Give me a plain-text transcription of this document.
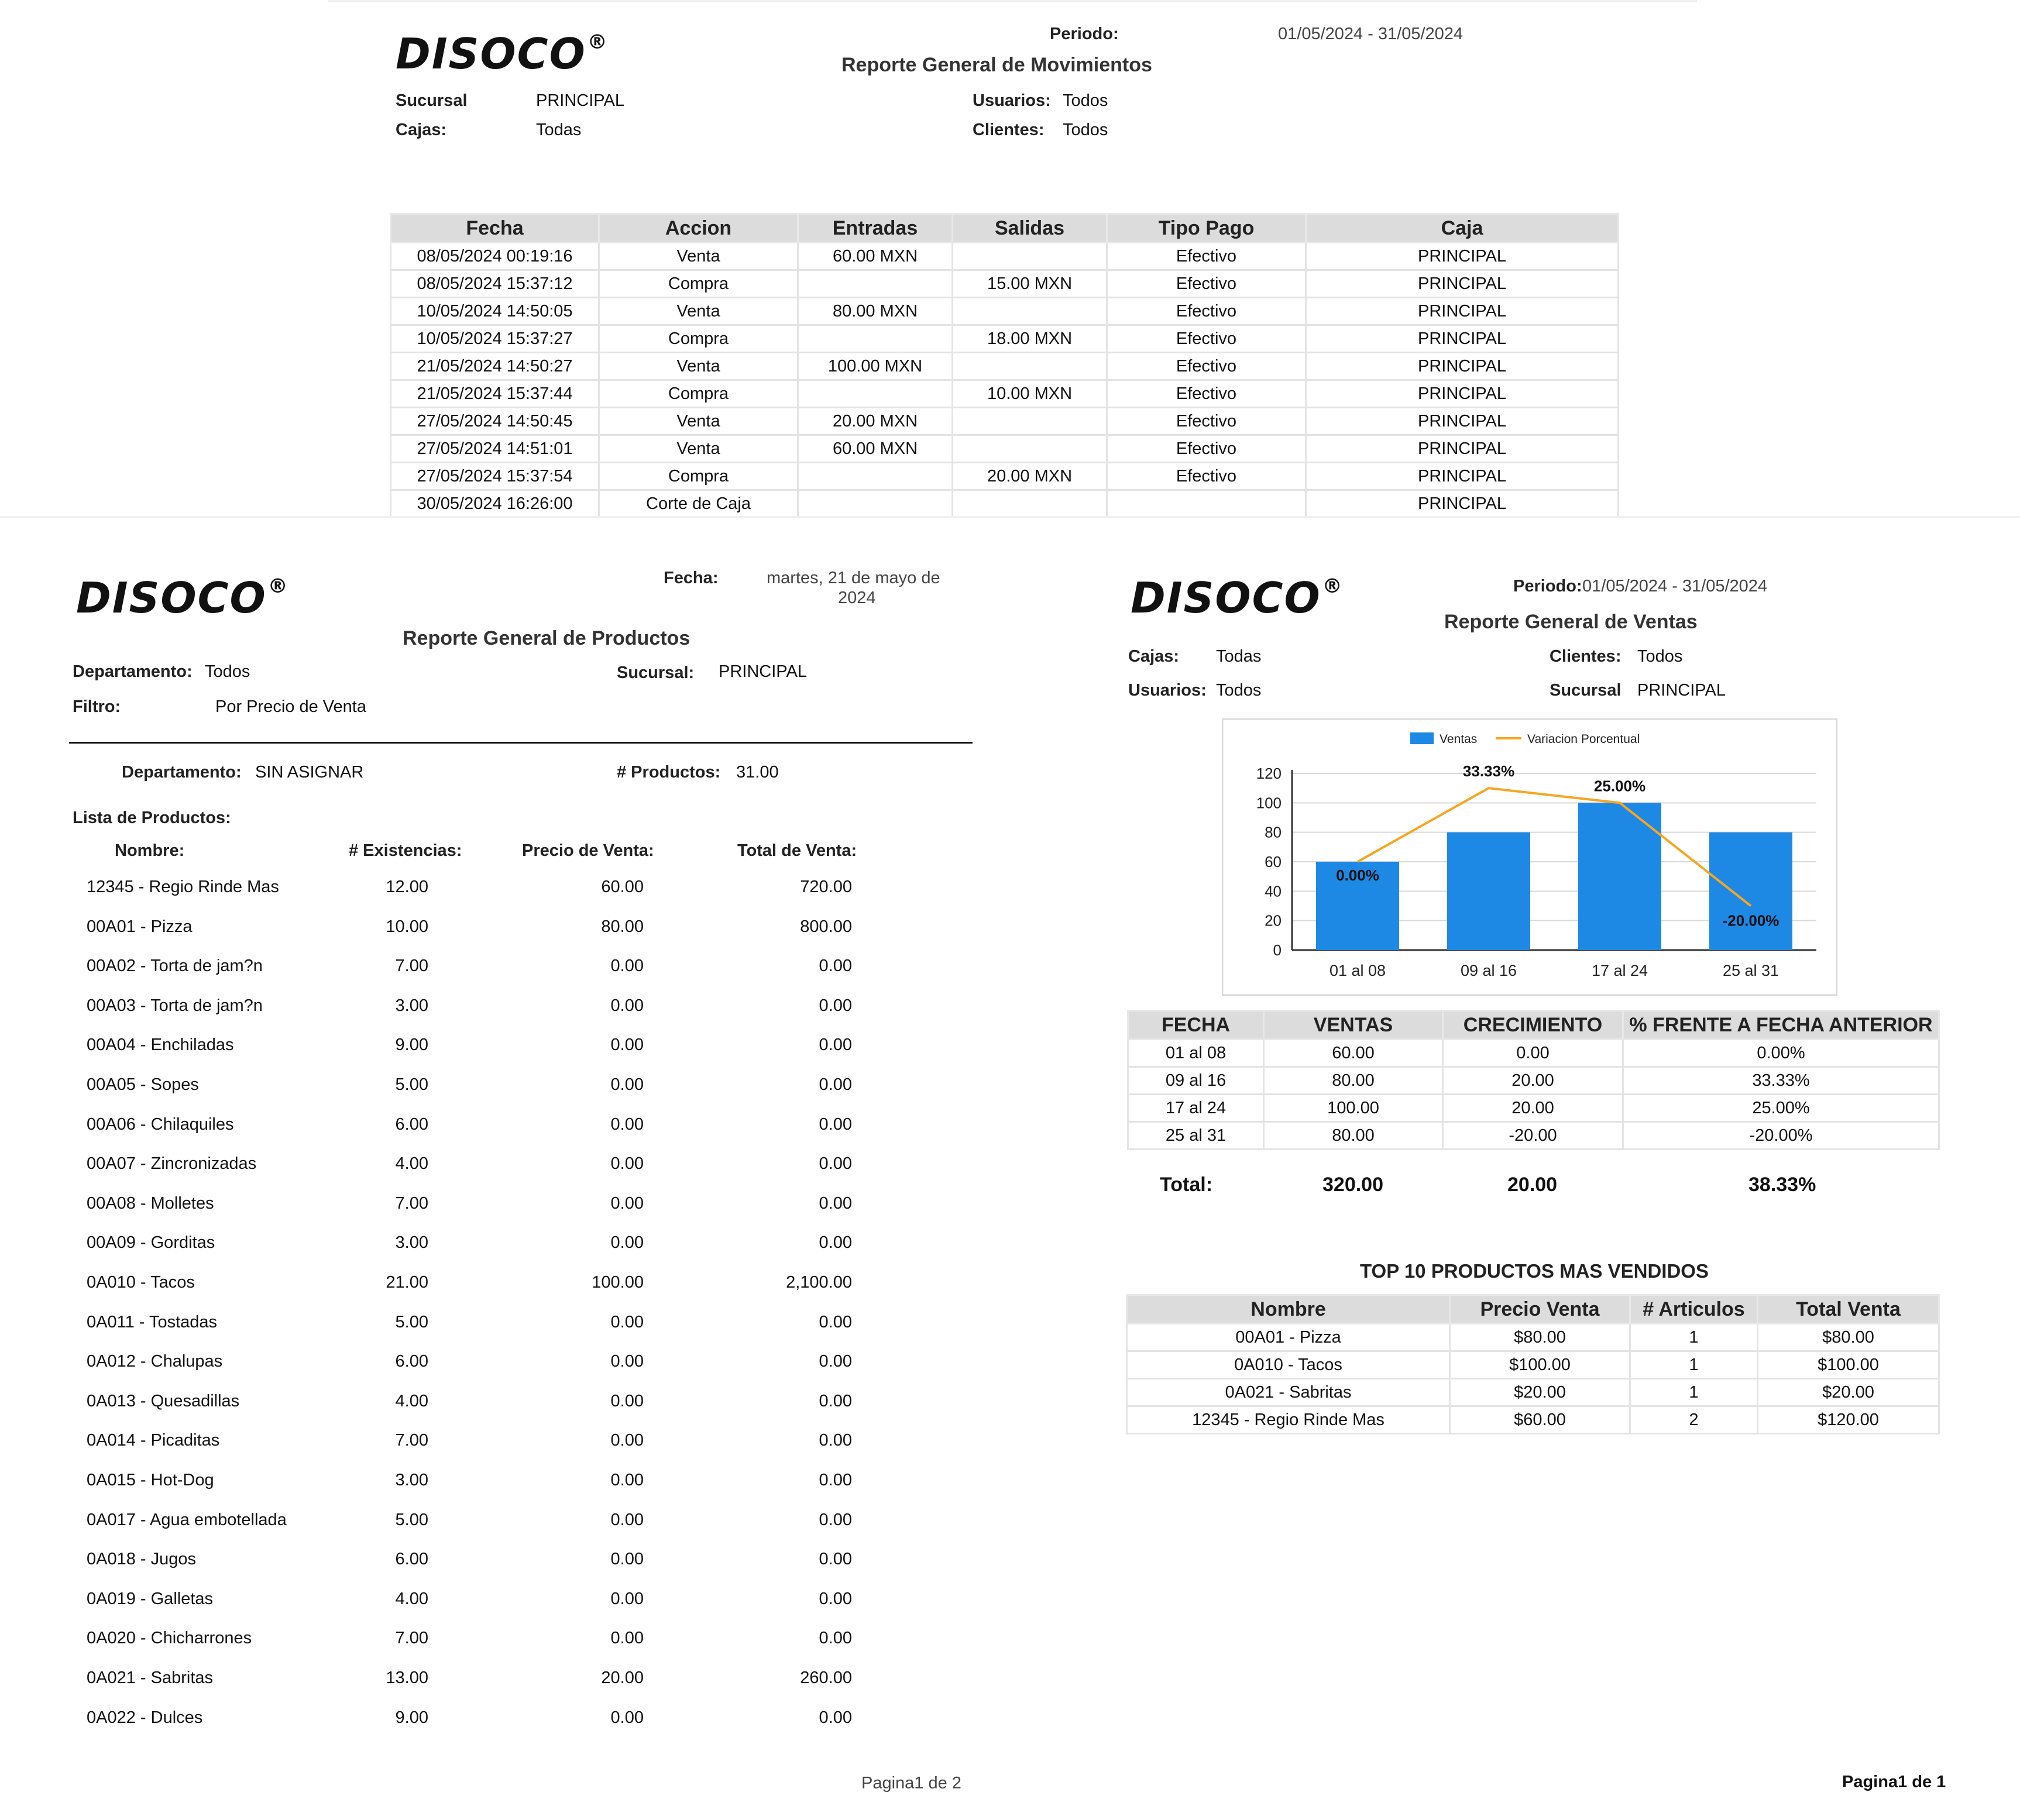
DISOCO®	Periodo:	01/05/2024 - 31/05/2024
Reporte General de Movimientos
Sucursal	PRINCIPAL
Cajas:	Todas
Usuarios: Todos
Clientes: Todos
Fecha	Accion	Entradas	Salidas	Tipo Pago	Caja
08/05/2024 00:19:16	Venta	60.00 MXN		Efectivo	PRINCIPAL
08/05/2024 15:37:12	Compra		15.00 MXN	Efectivo	PRINCIPAL
10/05/2024 14:50:05	Venta	80.00 MXN		Efectivo	PRINCIPAL
10/05/2024 15:37:27	Compra		18.00 MXN	Efectivo	PRINCIPAL
21/05/2024 14:50:27	Venta	100.00 MXN		Efectivo	PRINCIPAL
21/05/2024 15:37:44	Compra		10.00 MXN	Efectivo	PRINCIPAL
27/05/2024 14:50:45	Venta	20.00 MXN		Efectivo	PRINCIPAL
27/05/2024 14:51:01	Venta	60.00 MXN		Efectivo	PRINCIPAL
27/05/2024 15:37:54	Compra		20.00 MXN	Efectivo	PRINCIPAL
30/05/2024 16:26:00	Corte de Caja				PRINCIPAL
DISOCO®	Fecha:	martes, 21 de mayo de
2024
Reporte General de Productos
Departamento: Todos	Sucursal: PRINCIPAL
Filtro:	Por Precio de Venta
Departamento: SIN ASIGNAR	# Productos: 31.00
Lista de Productos:
Nombre:	# Existencias:	Precio de Venta:	Total de Venta:
12345 - Regio Rinde Mas	12.00	60.00	720.00
00A01 - Pizza	10.00	80.00	800.00
00A02 - Torta de jam?n	7.00	0.00	0.00
00A03 - Torta de jam?n	3.00	0.00	0.00
00A04 - Enchiladas	9.00	0.00	0.00
00A05 - Sopes	5.00	0.00	0.00
00A06 - Chilaquiles	6.00	0.00	0.00
00A07 - Zincronizadas	4.00	0.00	0.00
00A08 - Molletes	7.00	0.00	0.00
00A09 - Gorditas	3.00	0.00	0.00
0A010 - Tacos	21.00	100.00	2,100.00
0A011 - Tostadas	5.00	0.00	0.00
0A012 - Chalupas	6.00	0.00	0.00
0A013 - Quesadillas	4.00	0.00	0.00
0A014 - Picaditas	7.00	0.00	0.00
0A015 - Hot-Dog	3.00	0.00	0.00
0A017 - Agua embotellada	5.00	0.00	0.00
0A018 - Jugos	6.00	0.00	0.00
0A019 - Galletas	4.00	0.00	0.00
0A020 - Chicharrones	7.00	0.00	0.00
0A021 - Sabritas	13.00	20.00	260.00
0A022 - Dulces	9.00	0.00	0.00
Pagina1 de 2
DISOCO®	Periodo: 01/05/2024 - 31/05/2024
Reporte General de Ventas
Cajas: Todas	Clientes: Todos
Usuarios: Todos	Sucursal PRINCIPAL
0
20
40
60
80
100
120
01 al 08	09 al 16	17 al 24	25 al 31
0.00%
33.33%
25.00%
-20.00%
Ventas	Variacion Porcentual
FECHA	VENTAS	CRECIMIENTO	% FRENTE A FECHA ANTERIOR
01 al 08	60.00	0.00	0.00%
09 al 16	80.00	20.00	33.33%
17 al 24	100.00	20.00	25.00%
25 al 31	80.00	-20.00	-20.00%
Total:	320.00	20.00	38.33%
TOP 10 PRODUCTOS MAS VENDIDOS
Nombre	Precio Venta	# Articulos	Total Venta
00A01 - Pizza	$80.00	1	$80.00
0A010 - Tacos	$100.00	1	$100.00
0A021 - Sabritas	$20.00	1	$20.00
12345 - Regio Rinde Mas	$60.00	2	$120.00
Pagina1 de 1
